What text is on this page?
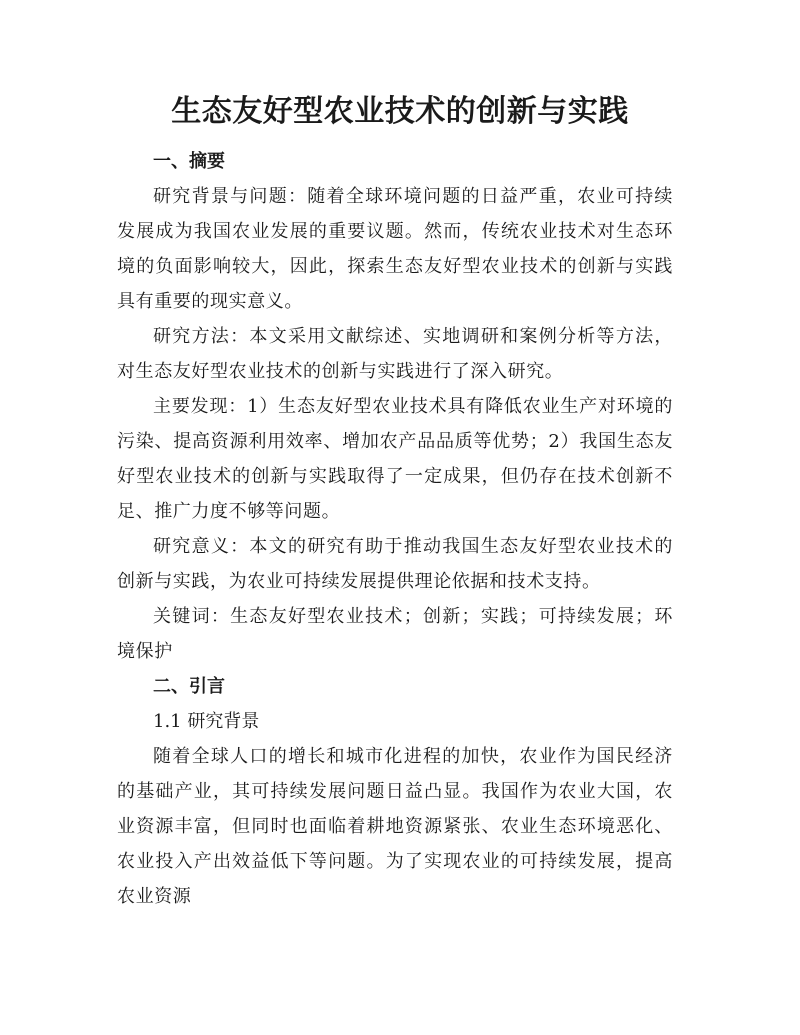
生态友好型农业技术的创新与实践

一、摘要

研究背景与问题：随着全球环境问题的日益严重，农业可持续发展成为我国农业发展的重要议题。然而，传统农业技术对生态环境的负面影响较大，因此，探索生态友好型农业技术的创新与实践具有重要的现实意义。

研究方法：本文采用文献综述、实地调研和案例分析等方法，对生态友好型农业技术的创新与实践进行了深入研究。

主要发现：1）生态友好型农业技术具有降低农业生产对环境的污染、提高资源利用效率、增加农产品品质等优势；2）我国生态友好型农业技术的创新与实践取得了一定成果，但仍存在技术创新不足、推广力度不够等问题。

研究意义：本文的研究有助于推动我国生态友好型农业技术的创新与实践，为农业可持续发展提供理论依据和技术支持。

关键词：生态友好型农业技术；创新；实践；可持续发展；环境保护

二、引言

1.1 研究背景

随着全球人口的增长和城市化进程的加快，农业作为国民经济的基础产业，其可持续发展问题日益凸显。我国作为农业大国，农业资源丰富，但同时也面临着耕地资源紧张、农业生态环境恶化、农业投入产出效益低下等问题。为了实现农业的可持续发展，提高农业资源
